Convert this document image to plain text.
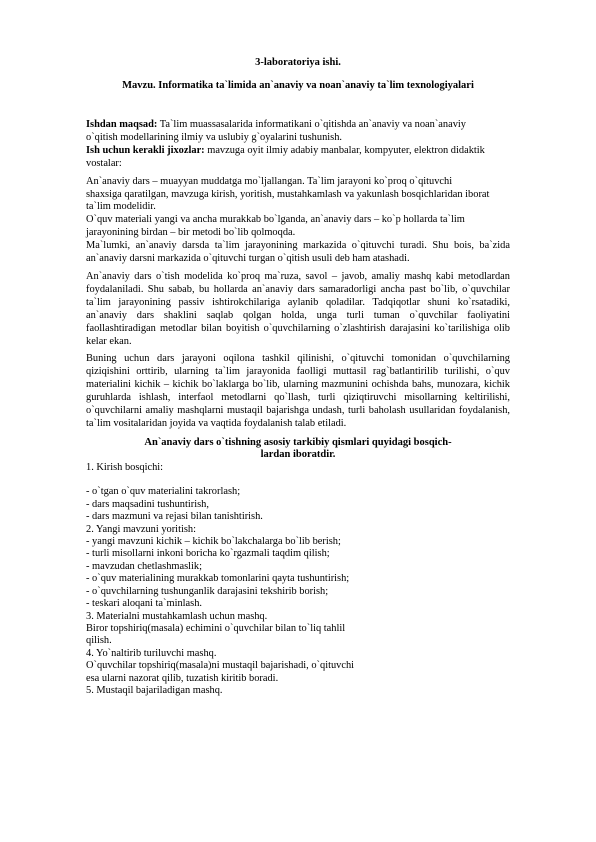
3-laboratoriya ishi.

Mavzu. Informatika ta`limida an`anaviy va noan`anaviy ta`lim texnologiyalari

Ishdan maqsad: Ta`lim muassasalarida informatikani o`qitishda an`anaviy va noan`anaviy

o`qitish modellarining ilmiy va uslubiy g`oyalarini tushunish.

Ish uchun kerakli jixozlar: mavzuga oyit ilmiy adabiy manbalar, kompyuter, elektron didaktik vostalar:

An`anaviy dars – muayyan muddatga mo`ljallangan. Ta`lim jarayoni ko`proq o`qituvchi

shaxsiga qaratilgan, mavzuga kirish, yoritish, mustahkamlash va yakunlash bosqichlaridan iborat

ta`lim modelidir.

O`quv materiali yangi va ancha murakkab bo`lganda, an`anaviy dars – ko`p hollarda ta`lim

jarayonining birdan – bir metodi bo`lib qolmoqda.

Ma`lumki, an`anaviy darsda ta`lim jarayonining markazida o`qituvchi turadi. Shu bois, ba`zida an`anaviy darsni markazida o`qituvchi turgan o`qitish usuli deb ham atashadi.

An`anaviy dars o`tish modelida ko`proq ma`ruza, savol – javob, amaliy mashq kabi metodlardan foydalaniladi. Shu sabab, bu hollarda an`anaviy dars samaradorligi ancha past bo`lib, o`quvchilar ta`lim jarayonining passiv ishtirokchilariga aylanib qoladilar. Tadqiqotlar shuni ko`rsatadiki, an`anaviy dars shaklini saqlab qolgan holda, unga turli tuman o`quvchilar faoliyatini faollashtiradigan metodlar bilan boyitish o`quvchilarning o`zlashtirish darajasini ko`tarilishiga olib kelar ekan.

Buning uchun dars jarayoni oqilona tashkil qilinishi, o`qituvchi tomonidan o`quvchilarning qiziqishini orttirib, ularning ta`lim jarayonida faolligi muttasil rag`batlantirilib turilishi, o`quv materialini kichik – kichik bo`laklarga bo`lib, ularning mazmunini ochishda bahs, munozara, kichik guruhlarda ishlash, interfaol metodlarni qo`llash, turli qiziqtiruvchi misollarning keltirilishi, o`quvchilarni amaliy mashqlarni mustaqil bajarishga undash, turli baholash usullaridan foydalanish, ta`lim vositalaridan joyida va vaqtida foydalanish talab etiladi.

An`anaviy dars o`tishning asosiy tarkibiy qismlari quyidagi bosqich-

lardan iboratdir.

1. Kirish bosqichi:

- o`tgan o`quv materialini takrorlash;

- dars maqsadini tushuntirish,

- dars mazmuni va rejasi bilan tanishtirish.

2. Yangi mavzuni yoritish:

- yangi mavzuni kichik – kichik bo`lakchalarga bo`lib berish;

- turli misollarni inkoni boricha ko`rgazmali taqdim qilish;

- mavzudan chetlashmaslik;

- o`quv materialining murakkab tomonlarini qayta tushuntirish;

- o`quvchilarning tushunganlik darajasini tekshirib borish;

- teskari aloqani ta`minlash.

3. Materialni mustahkamlash uchun mashq.

Biror topshiriq(masala) echimini o`quvchilar bilan to`liq tahlil

qilish.

4. Yo`naltirib turiluvchi mashq.

O`quvchilar topshiriq(masala)ni mustaqil bajarishadi, o`qituvchi

esa ularni nazorat qilib, tuzatish kiritib boradi.

5. Mustaqil bajariladigan mashq.
